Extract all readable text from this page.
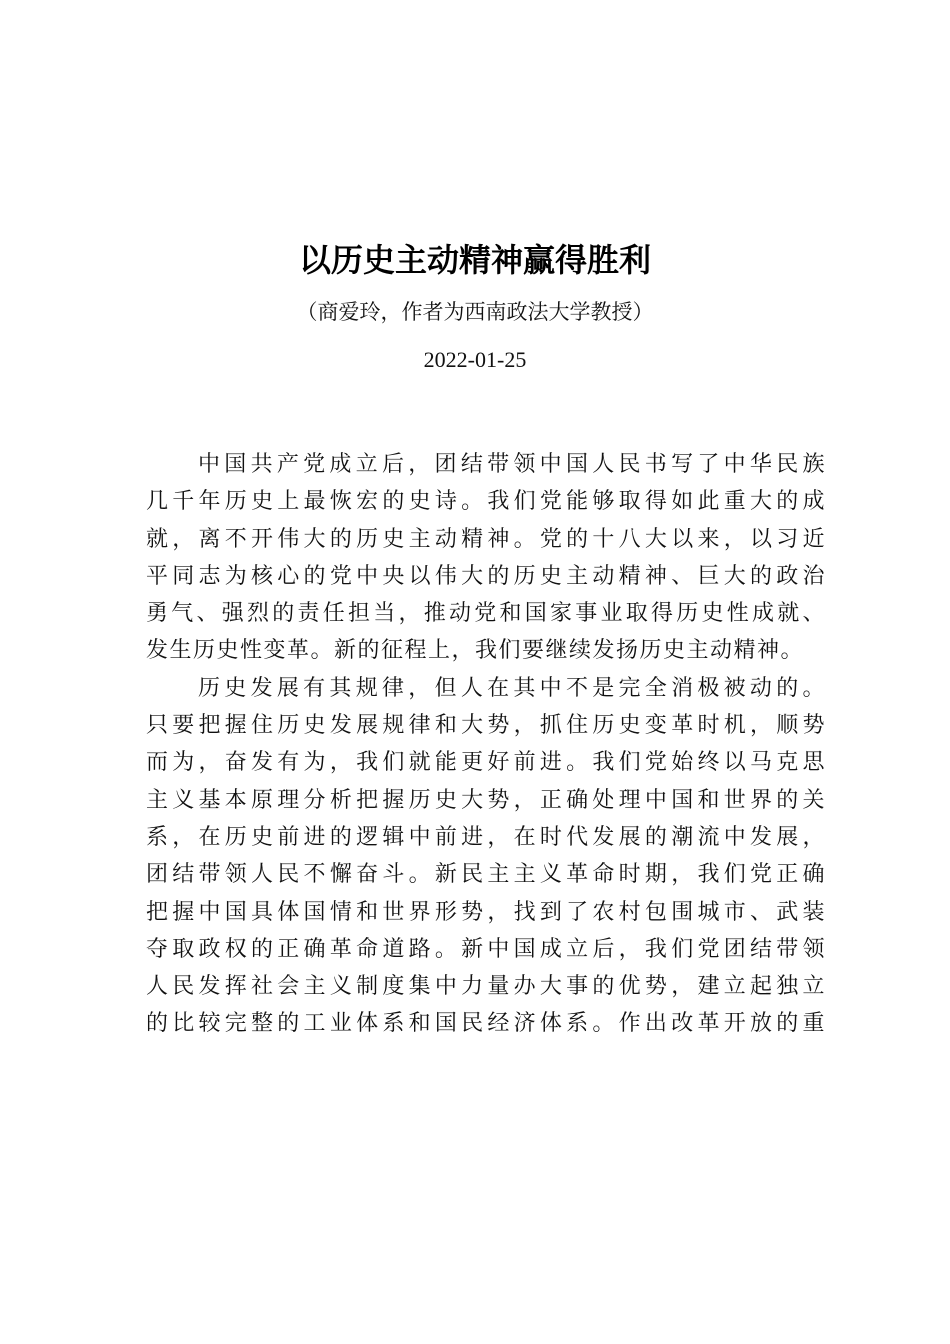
以历史主动精神赢得胜利
（商爱玲，作者为西南政法大学教授）
2022-01-25
中国共产党成立后，团结带领中国人民书写了中华民族
几千年历史上最恢宏的史诗。我们党能够取得如此重大的成
就，离不开伟大的历史主动精神。党的十八大以来，以习近
平同志为核心的党中央以伟大的历史主动精神、巨大的政治
勇气、强烈的责任担当，推动党和国家事业取得历史性成就、
发生历史性变革。新的征程上，我们要继续发扬历史主动精神。
历史发展有其规律，但人在其中不是完全消极被动的。
只要把握住历史发展规律和大势，抓住历史变革时机，顺势
而为，奋发有为，我们就能更好前进。我们党始终以马克思
主义基本原理分析把握历史大势，正确处理中国和世界的关
系，在历史前进的逻辑中前进，在时代发展的潮流中发展，
团结带领人民不懈奋斗。新民主主义革命时期，我们党正确
把握中国具体国情和世界形势，找到了农村包围城市、武装
夺取政权的正确革命道路。新中国成立后，我们党团结带领
人民发挥社会主义制度集中力量办大事的优势，建立起独立
的比较完整的工业体系和国民经济体系。作出改革开放的重
